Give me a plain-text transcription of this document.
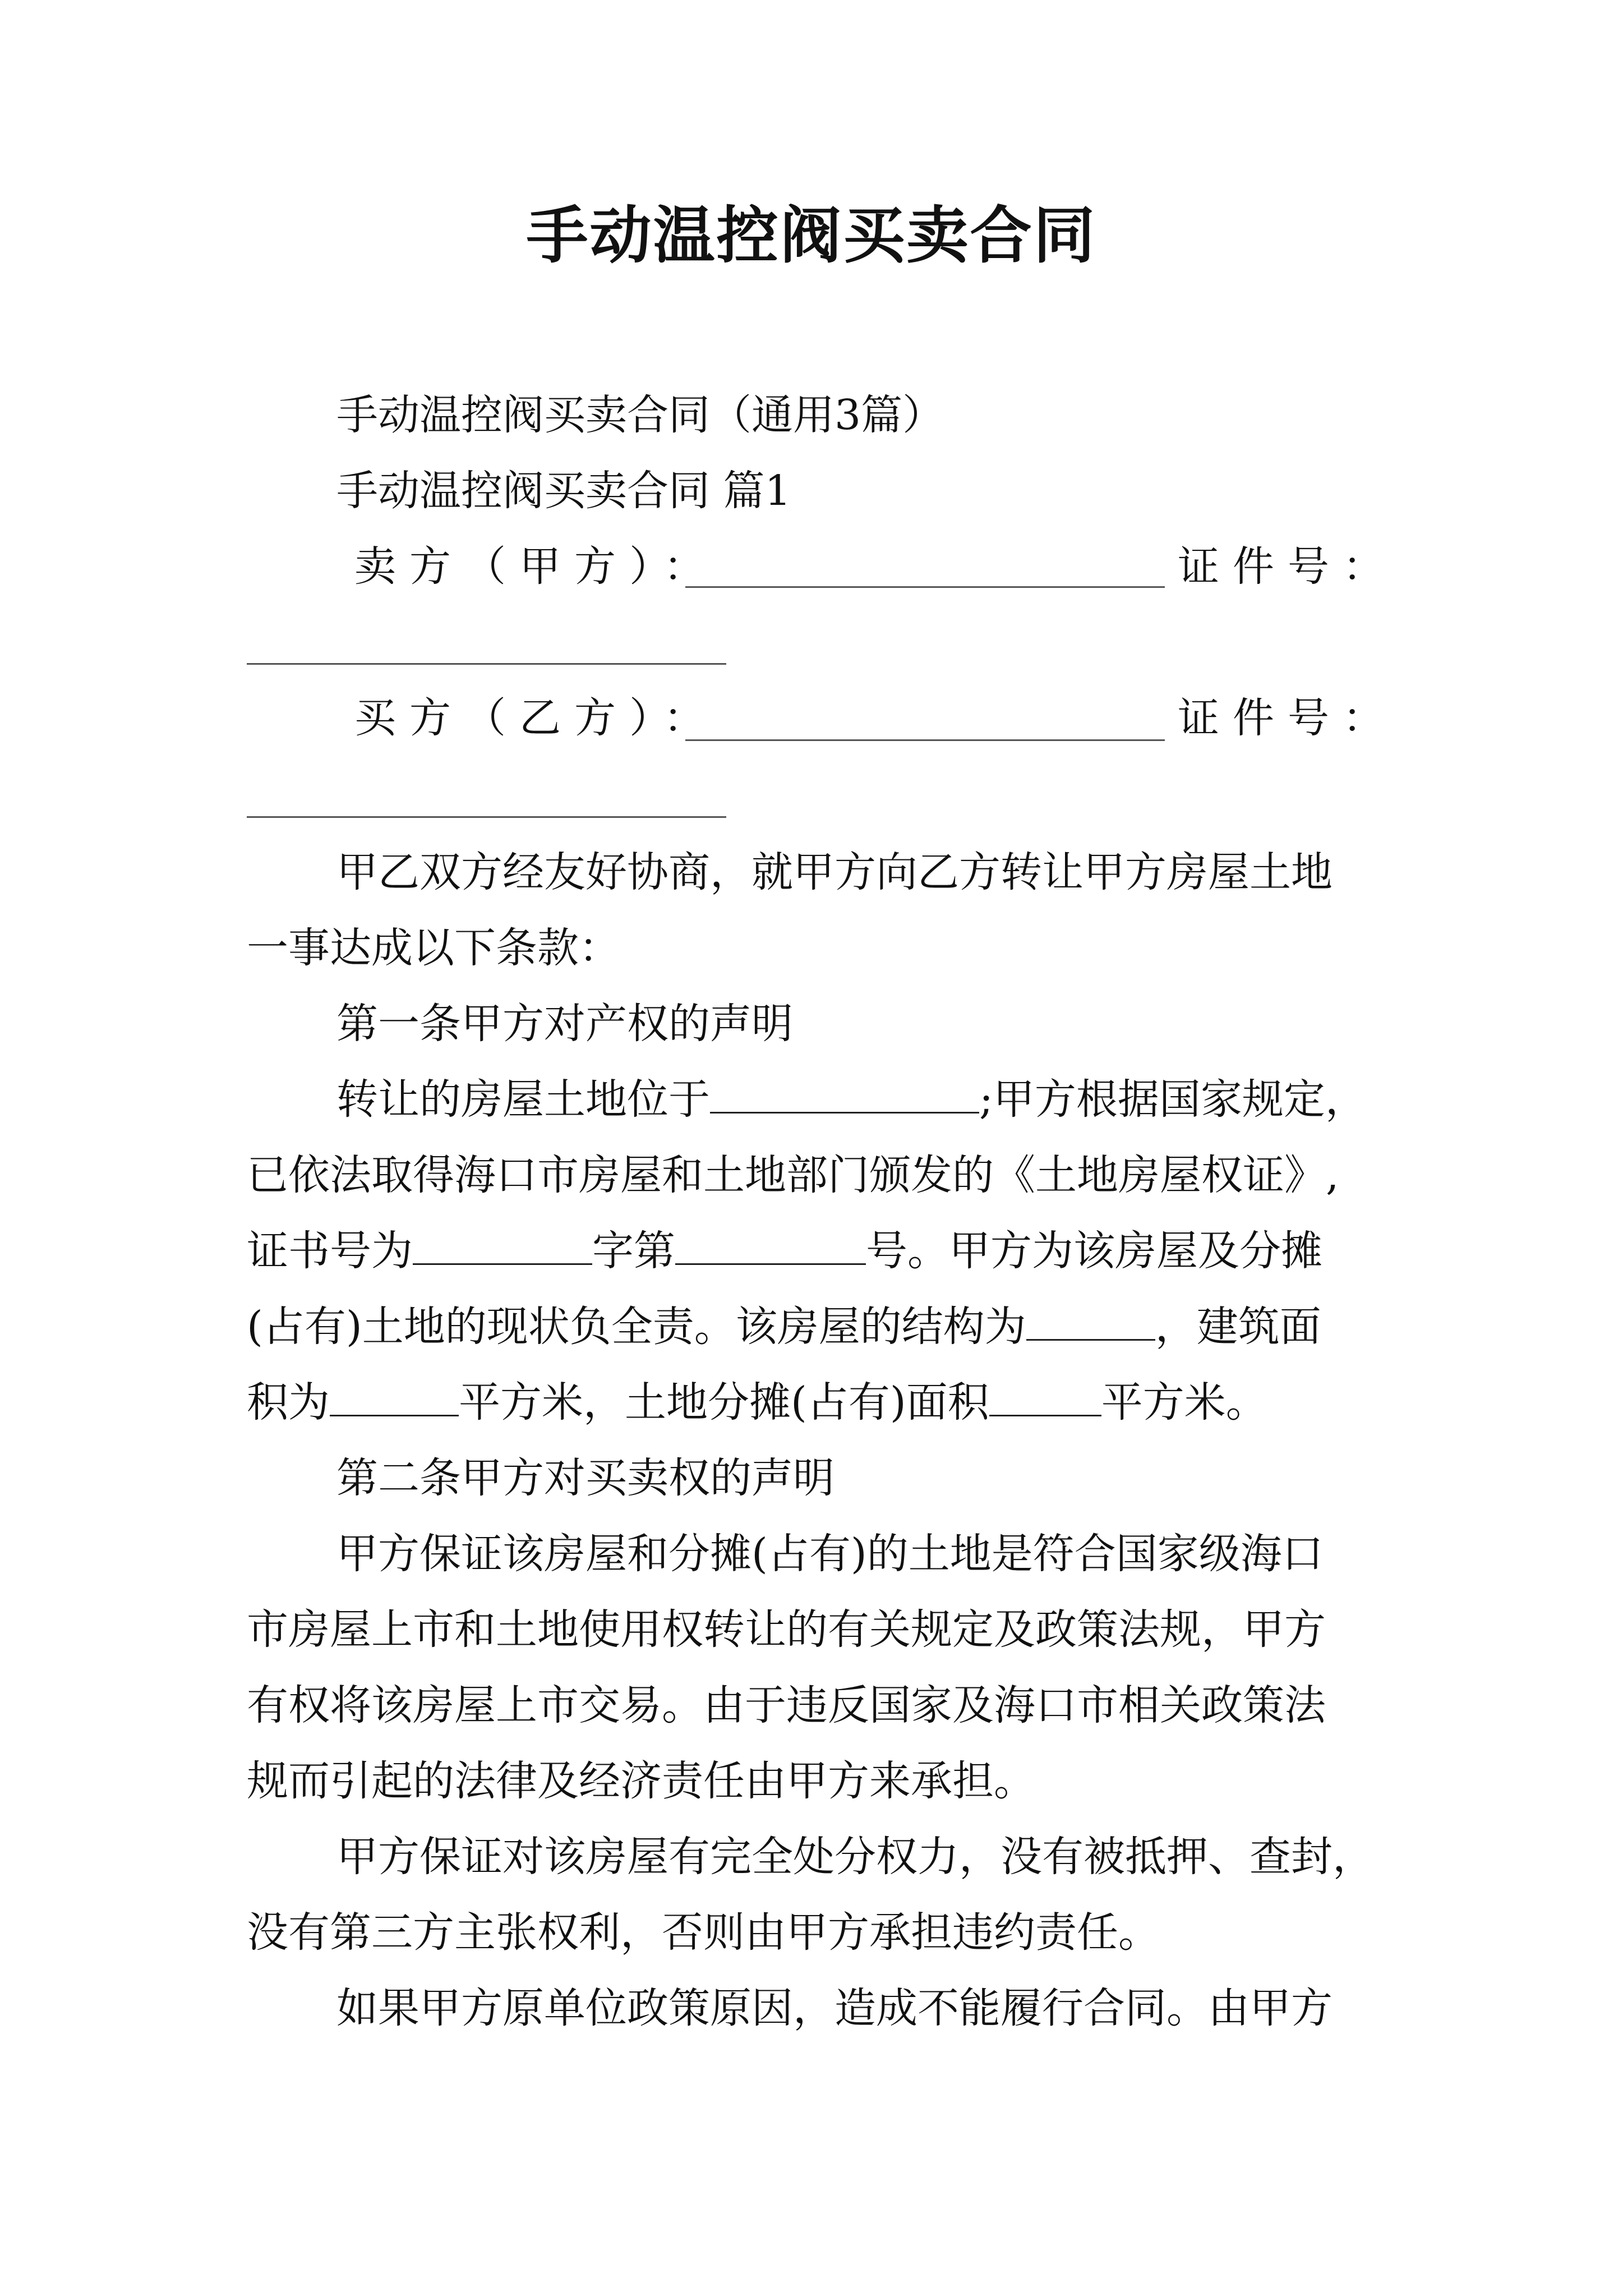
手动温控阀买卖合同
手动温控阀买卖合同（通用3篇）
手动温控阀买卖合同 篇1
卖方（甲方）：	证件号：
买方（乙方）：	证件号：
甲乙双方经友好协商，就甲方向乙方转让甲方房屋土地
一事达成以下条款：
第一条甲方对产权的声明
转让的房屋土地位于	;甲方根据国家规定，
已依法取得海口市房屋和土地部门颁发的《土地房屋权证》,
证书号为	字第	号。甲方为该房屋及分摊
(占有)土地的现状负全责。该房屋的结构为	，建筑面
积为	平方米，土地分摊(占有)面积	平方米。
第二条甲方对买卖权的声明
甲方保证该房屋和分摊(占有)的土地是符合国家级海口
市房屋上市和土地使用权转让的有关规定及政策法规，甲方
有权将该房屋上市交易。由于违反国家及海口市相关政策法
规而引起的法律及经济责任由甲方来承担。
甲方保证对该房屋有完全处分权力，没有被抵押、查封，
没有第三方主张权利，否则由甲方承担违约责任。
如果甲方原单位政策原因，造成不能履行合同。由甲方
